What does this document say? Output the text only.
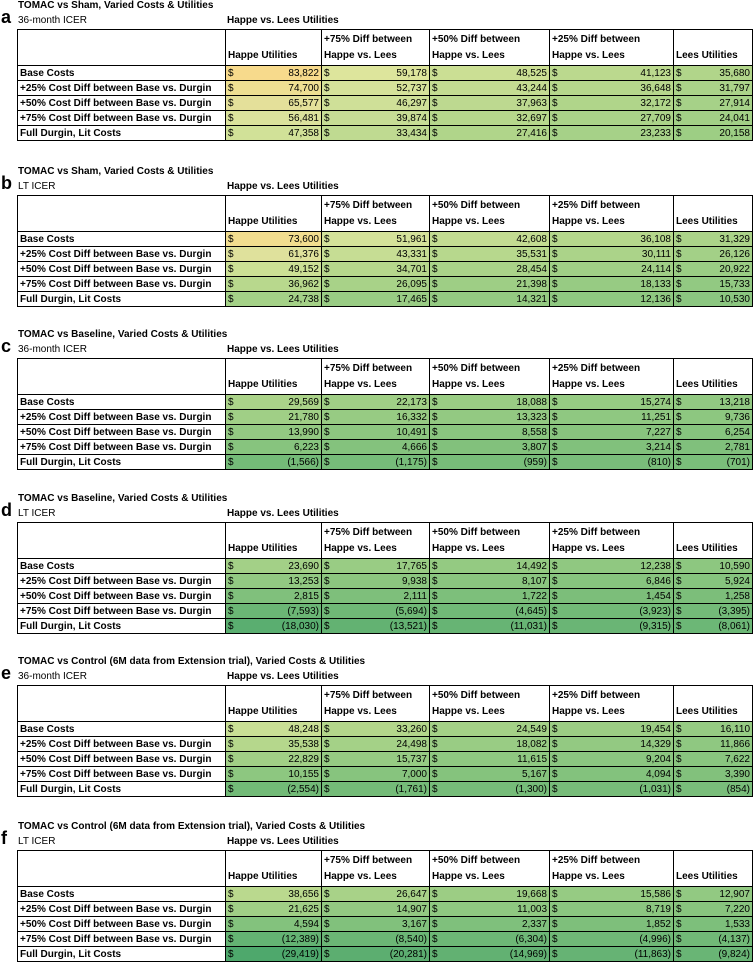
TOMAC vs Sham, Varied Costs & Utilities
a 36-month ICER	Happe vs. Lees Utilities
	Happe Utilities	+75% Diff between Happe vs. Lees	+50% Diff between Happe vs. Lees	+25% Diff between Happe vs. Lees	Lees Utilities
Base Costs	$ 83,822	$ 59,178	$ 48,525	$ 41,123	$ 35,680

+25% Cost Diff between Base vs. Durgin	$ 74,700	$ 52,737	$ 43,244	$ 36,648	$ 31,797

+50% Cost Diff between Base vs. Durgin	$ 65,577	$ 46,297	$ 37,963	$ 32,172	$ 27,914

+75% Cost Diff between Base vs. Durgin	$ 56,481	$ 39,874	$ 32,697	$ 27,709	$ 24,041

Full Durgin, Lit Costs	$ 47,358	$ 33,434	$ 27,416	$ 23,233	$ 20,158
TOMAC vs Sham, Varied Costs & Utilities
b LT ICER	Happe vs. Lees Utilities
	Happe Utilities	+75% Diff between Happe vs. Lees	+50% Diff between Happe vs. Lees	+25% Diff between Happe vs. Lees	Lees Utilities
Base Costs	$ 73,600	$ 51,961	$ 42,608	$ 36,108	$ 31,329

+25% Cost Diff between Base vs. Durgin	$ 61,376	$ 43,331	$ 35,531	$ 30,111	$ 26,126

+50% Cost Diff between Base vs. Durgin	$ 49,152	$ 34,701	$ 28,454	$ 24,114	$ 20,922

+75% Cost Diff between Base vs. Durgin	$ 36,962	$ 26,095	$ 21,398	$ 18,133	$ 15,733

Full Durgin, Lit Costs	$ 24,738	$ 17,465	$ 14,321	$ 12,136	$ 10,530
TOMAC vs Baseline, Varied Costs & Utilities
c 36-month ICER	Happe vs. Lees Utilities
	Happe Utilities	+75% Diff between Happe vs. Lees	+50% Diff between Happe vs. Lees	+25% Diff between Happe vs. Lees	Lees Utilities
Base Costs	$ 29,569	$ 22,173	$ 18,088	$ 15,274	$ 13,218

+25% Cost Diff between Base vs. Durgin	$ 21,780	$ 16,332	$ 13,323	$ 11,251	$ 9,736

+50% Cost Diff between Base vs. Durgin	$ 13,990	$ 10,491	$ 8,558	$ 7,227	$ 6,254

+75% Cost Diff between Base vs. Durgin	$ 6,223	$ 4,666	$ 3,807	$ 3,214	$ 2,781

Full Durgin, Lit Costs	$ (1,566)	$ (1,175)	$ (959)	$ (810)	$ (701)
TOMAC vs Baseline, Varied Costs & Utilities
d LT ICER	Happe vs. Lees Utilities
	Happe Utilities	+75% Diff between Happe vs. Lees	+50% Diff between Happe vs. Lees	+25% Diff between Happe vs. Lees	Lees Utilities
Base Costs	$ 23,690	$ 17,765	$ 14,492	$ 12,238	$ 10,590

+25% Cost Diff between Base vs. Durgin	$ 13,253	$ 9,938	$ 8,107	$ 6,846	$ 5,924

+50% Cost Diff between Base vs. Durgin	$ 2,815	$ 2,111	$ 1,722	$ 1,454	$ 1,258

+75% Cost Diff between Base vs. Durgin	$ (7,593)	$ (5,694)	$ (4,645)	$ (3,923)	$ (3,395)

Full Durgin, Lit Costs	$ (18,030)	$ (13,521)	$ (11,031)	$ (9,315)	$ (8,061)
TOMAC vs Control (6M data from Extension trial), Varied Costs & Utilities
e 36-month ICER	Happe vs. Lees Utilities
	Happe Utilities	+75% Diff between Happe vs. Lees	+50% Diff between Happe vs. Lees	+25% Diff between Happe vs. Lees	Lees Utilities
Base Costs	$ 48,248	$ 33,260	$ 24,549	$ 19,454	$ 16,110

+25% Cost Diff between Base vs. Durgin	$ 35,538	$ 24,498	$ 18,082	$ 14,329	$ 11,866

+50% Cost Diff between Base vs. Durgin	$ 22,829	$ 15,737	$ 11,615	$ 9,204	$ 7,622

+75% Cost Diff between Base vs. Durgin	$ 10,155	$ 7,000	$ 5,167	$ 4,094	$ 3,390

Full Durgin, Lit Costs	$ (2,554)	$ (1,761)	$ (1,300)	$ (1,031)	$ (854)
TOMAC vs Control (6M data from Extension trial), Varied Costs & Utilities
f LT ICER	Happe vs. Lees Utilities
	Happe Utilities	+75% Diff between Happe vs. Lees	+50% Diff between Happe vs. Lees	+25% Diff between Happe vs. Lees	Lees Utilities
Base Costs	$ 38,656	$ 26,647	$ 19,668	$ 15,586	$ 12,907

+25% Cost Diff between Base vs. Durgin	$ 21,625	$ 14,907	$ 11,003	$ 8,719	$ 7,220

+50% Cost Diff between Base vs. Durgin	$ 4,594	$ 3,167	$ 2,337	$ 1,852	$ 1,533

+75% Cost Diff between Base vs. Durgin	$ (12,389)	$ (8,540)	$ (6,304)	$ (4,996)	$ (4,137)

Full Durgin, Lit Costs	$ (29,419)	$ (20,281)	$ (14,969)	$ (11,863)	$ (9,824)
